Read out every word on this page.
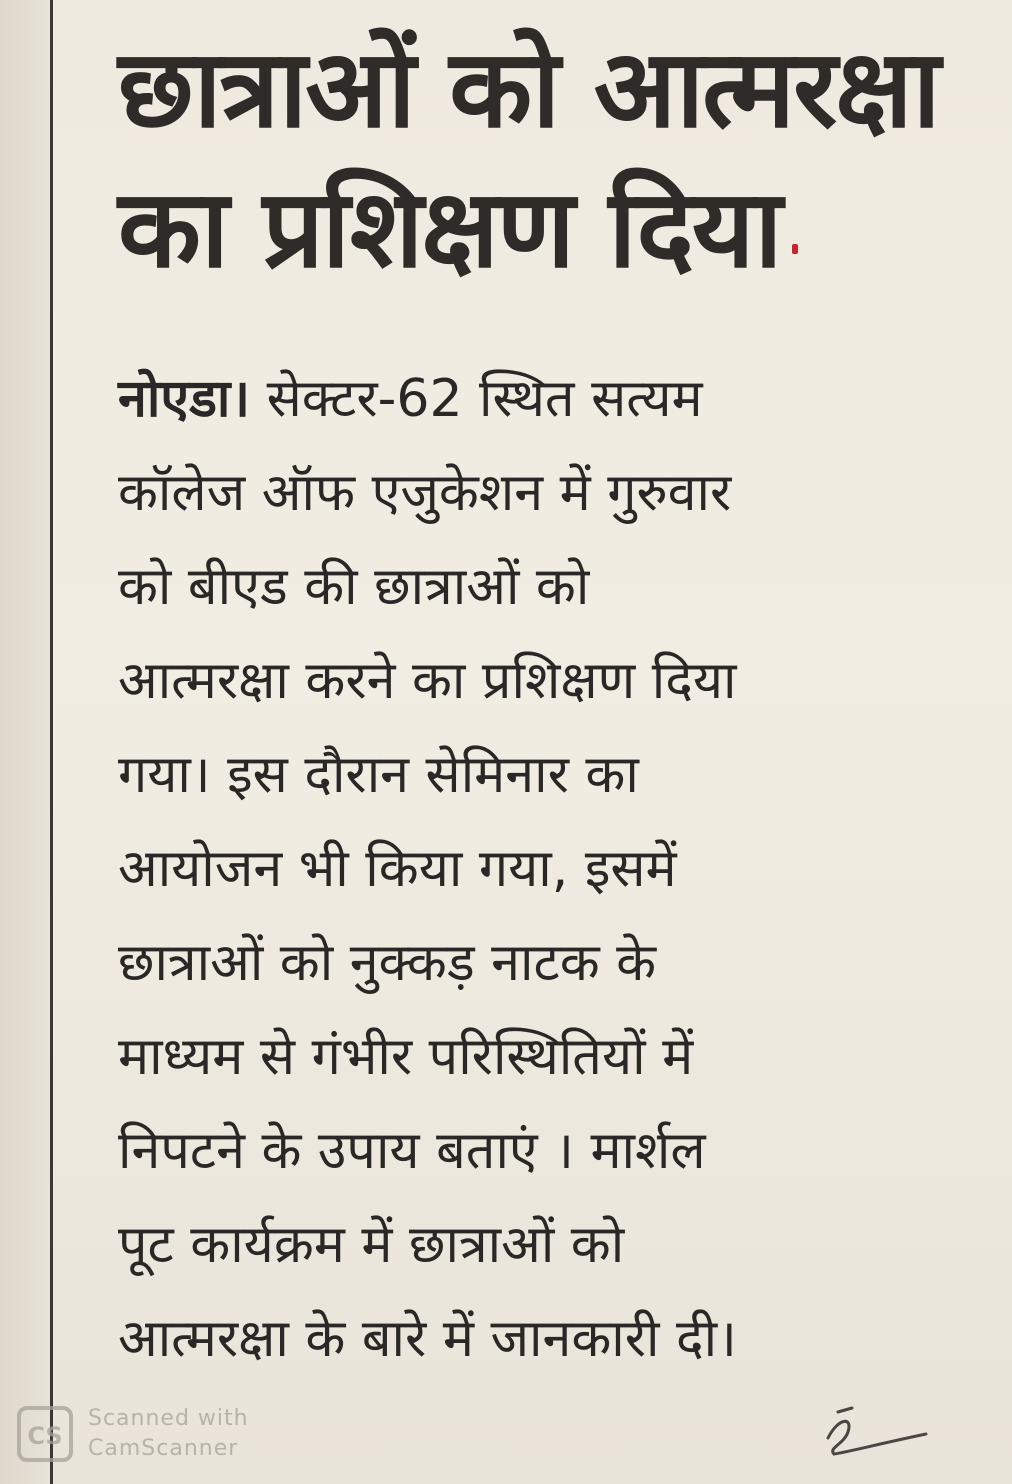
छात्राओं को आत्मरक्षा
का प्रशिक्षण दिया
नोएडा। सेक्टर-62 स्थित सत्यम
कॉलेज ऑफ एजुकेशन में गुरुवार
को बीएड की छात्राओं को
आत्मरक्षा करने का प्रशिक्षण दिया
गया। इस दौरान सेमिनार का
आयोजन भी किया गया, इसमें
छात्राओं को नुक्कड़ नाटक के
माध्यम से गंभीर परिस्थितियों में
निपटने के उपाय बताएं । मार्शल
पूट कार्यक्रम में छात्राओं को
आत्मरक्षा के बारे में जानकारी दी।
CS
Scanned with
CamScanner
